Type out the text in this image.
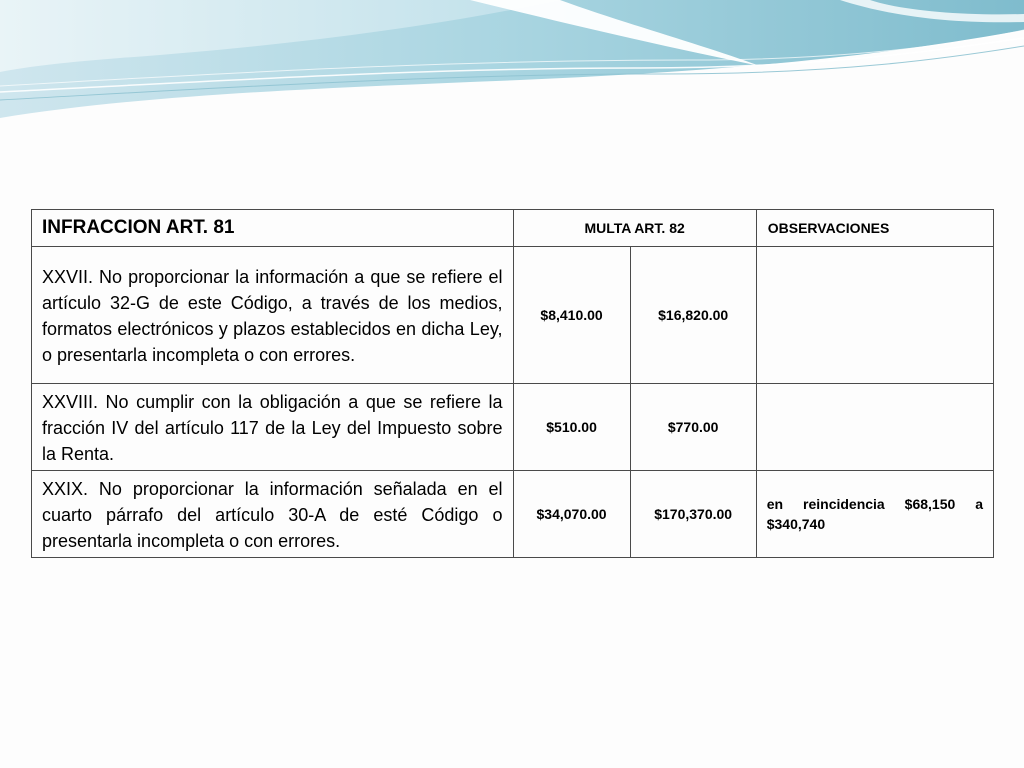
INFRACCION ART. 81	MULTA ART. 82		OBSERVACIONES
XXVII. No proporcionar la información a que se refiere el artículo 32-G de este Código, a través de los medios, formatos electrónicos y plazos establecidos en dicha Ley, o presentarla incompleta o con errores.	$8,410.00	$16,820.00	
XXVIII. No cumplir con la obligación a que se refiere la fracción IV del artículo 117 de la Ley del Impuesto sobre la Renta.	$510.00	$770.00	
XXIX. No proporcionar la información señalada en el cuarto párrafo del artículo 30-A de esté Código o presentarla incompleta o con errores.	$34,070.00	$170,370.00	en reincidencia $68,150 a $340,740
